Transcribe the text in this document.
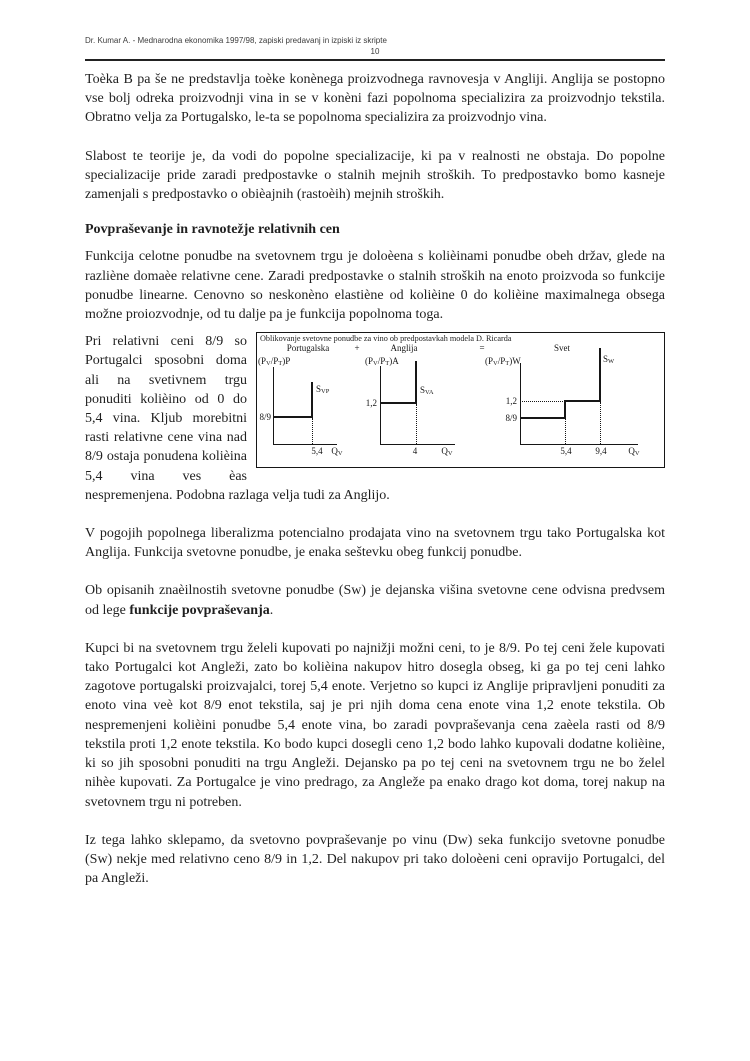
Dr. Kumar A. - Mednarodna ekonomika 1997/98, zapiski predavanj in izpiski iz skripte
10

Toèka B pa še ne predstavlja toèke konènega proizvodnega ravnovesja v Angliji. Anglija se postopno vse bolj odreka proizvodnji vina in se v konèni fazi popolnoma specializira za proizvodnjo tekstila. Obratno velja za Portugalsko, le-ta se popolnoma specializira za proizvodnjo vina.

Slabost te teorije je, da vodi do popolne specializacije, ki pa v realnosti ne obstaja. Do popolne specializacije pride zaradi predpostavke o stalnih mejnih stroških. To predpostavko bomo kasneje zamenjali s predpostavko o obièajnih (rastoèih) mejnih stroških.

Povpraševanje in ravnotežje relativnih cen

Funkcija celotne ponudbe na svetovnem trgu je doloèena s kolièinami ponudbe obeh držav, glede na razliène domaèe relativne cene. Zaradi predpostavke o stalnih stroških na enoto proizvoda so funkcije ponudbe linearne. Cenovno so neskonèno elastiène od kolièine 0 do kolièine maximalnega obsega možne proiozvodnje, od tu dalje pa je funkcija popolnoma toga.

Oblikovanje svetovne ponudbe za vino ob predpostavkah modela D. Ricarda
Portugalska	+	Anglija	=	Svet
(PV/PT)P	(PV/PT)A	(PV/PT)W	SW
SVP
8/9
5,4 QV
SVA
1,2
4	QV
1,2
8/9
5,4	9,4 QV
Pri relativni ceni 8/9 so Portugalci sposobni doma ali na svetivnem trgu ponuditi kolièino od 0 do 5,4 vina. Kljub morebitni rasti relativne cene vina nad 8/9 ostaja ponudena kolièina 5,4 vina ves èas nespremenjena. Podobna razlaga velja tudi za Anglijo.

V pogojih popolnega liberalizma potencialno prodajata vino na svetovnem trgu tako Portugalska kot Anglija. Funkcija svetovne ponudbe, je enaka seštevku obeg funkcij ponudbe.

Ob opisanih znaèilnostih svetovne ponudbe (Sw) je dejanska višina svetovne cene odvisna predvsem od lege funkcije povpraševanja.

Kupci bi na svetovnem trgu želeli kupovati po najnižji možni ceni, to je 8/9. Po tej ceni žele kupovati tako Portugalci kot Angleži, zato bo kolièina nakupov hitro dosegla obseg, ki ga po tej ceni lahko zagotove portugalski proizvajalci, torej 5,4 enote. Verjetno so kupci iz Anglije pripravljeni ponuditi za enoto vina veè kot 8/9 enot tekstila, saj je pri njih doma cena enote vina 1,2 enote tekstila. Ob nespremenjeni kolièini ponudbe 5,4 enote vina, bo zaradi povpraševanja cena zaèela rasti od 8/9 tekstila proti 1,2 enote tekstila. Ko bodo kupci dosegli ceno 1,2 bodo lahko kupovali dodatne kolièine, ki so jih sposobni ponuditi na trgu Angleži. Dejansko pa po tej ceni na svetovnem trgu ne bo želel nihèe kupovati. Za Portugalce je vino predrago, za Angleže pa enako drago kot doma, torej nakup na svetovnem trgu ni potreben.

Iz tega lahko sklepamo, da svetovno povpraševanje po vinu (Dw) seka funkcijo svetovne ponudbe (Sw) nekje med relativno ceno 8/9 in 1,2. Del nakupov pri tako doloèeni ceni opravijo Portugalci, del pa Angleži.
